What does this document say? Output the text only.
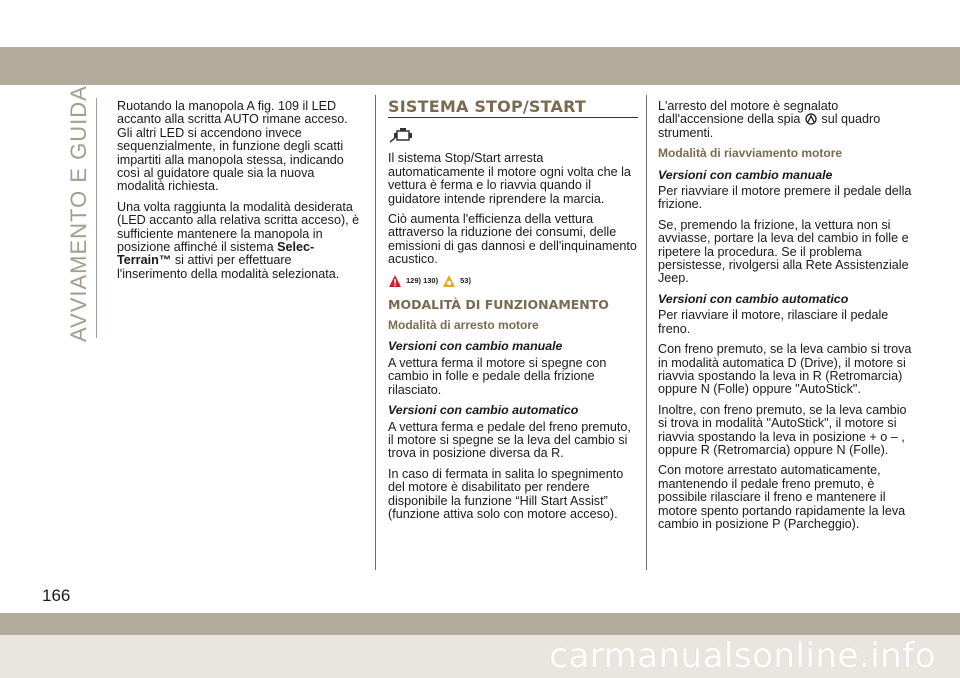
AVVIAMENTO E GUIDA Ruotando la manopola A fig. 109 il LED accanto alla scritta AUTO rimane acceso. Gli altri LED si accendono invece sequenzialmente, in funzione degli scatti impartiti alla manopola stessa, indicando così al guidatore quale sia la nuova modalità richiesta.

Una volta raggiunta la modalità desiderata (LED accanto alla relativa scritta acceso), è sufficiente mantenere la manopola in posizione affinché il sistema Selec-Terrain™ si attivi per effettuare l'inserimento della modalità selezionata.

SISTEMA STOP/START

Il sistema Stop/Start arresta automaticamente il motore ogni volta che la vettura è ferma e lo riavvia quando il guidatore intende riprendere la marcia.

Ciò aumenta l'efficienza della vettura attraverso la riduzione dei consumi, delle emissioni di gas dannosi e dell'inquinamento acustico.

129) 130)	53)
MODALITÀ DI FUNZIONAMENTO
Modalità di arresto motore
Versioni con cambio manuale

A vettura ferma il motore si spegne con cambio in folle e pedale della frizione rilasciato.

Versioni con cambio automatico

A vettura ferma e pedale del freno premuto, il motore si spegne se la leva del cambio si trova in posizione diversa da R.

In caso di fermata in salita lo spegnimento del motore è disabilitato per rendere disponibile la funzione “Hill Start Assist” (funzione attiva solo con motore acceso).

L'arresto del motore è segnalato dall'accensione della spia  sul quadro strumenti.

Modalità di riavviamento motore
Versioni con cambio manuale

Per riavviare il motore premere il pedale della frizione.

Se, premendo la frizione, la vettura non si avviasse, portare la leva del cambio in folle e ripetere la procedura. Se il problema persistesse, rivolgersi alla Rete Assistenziale Jeep.

Versioni con cambio automatico

Per riavviare il motore, rilasciare il pedale freno.

Con freno premuto, se la leva cambio si trova in modalità automatica D (Drive), il motore si riavvia spostando la leva in R (Retromarcia) oppure N (Folle) oppure "AutoStick".

Inoltre, con freno premuto, se la leva cambio si trova in modalità "AutoStick", il motore si riavvia spostando la leva in posizione + o – , oppure R (Retromarcia) oppure N (Folle).

Con motore arrestato automaticamente, mantenendo il pedale freno premuto, è possibile rilasciare il freno e mantenere il motore spento portando rapidamente la leva cambio in posizione P (Parcheggio).

166
carmanualsonline.info
